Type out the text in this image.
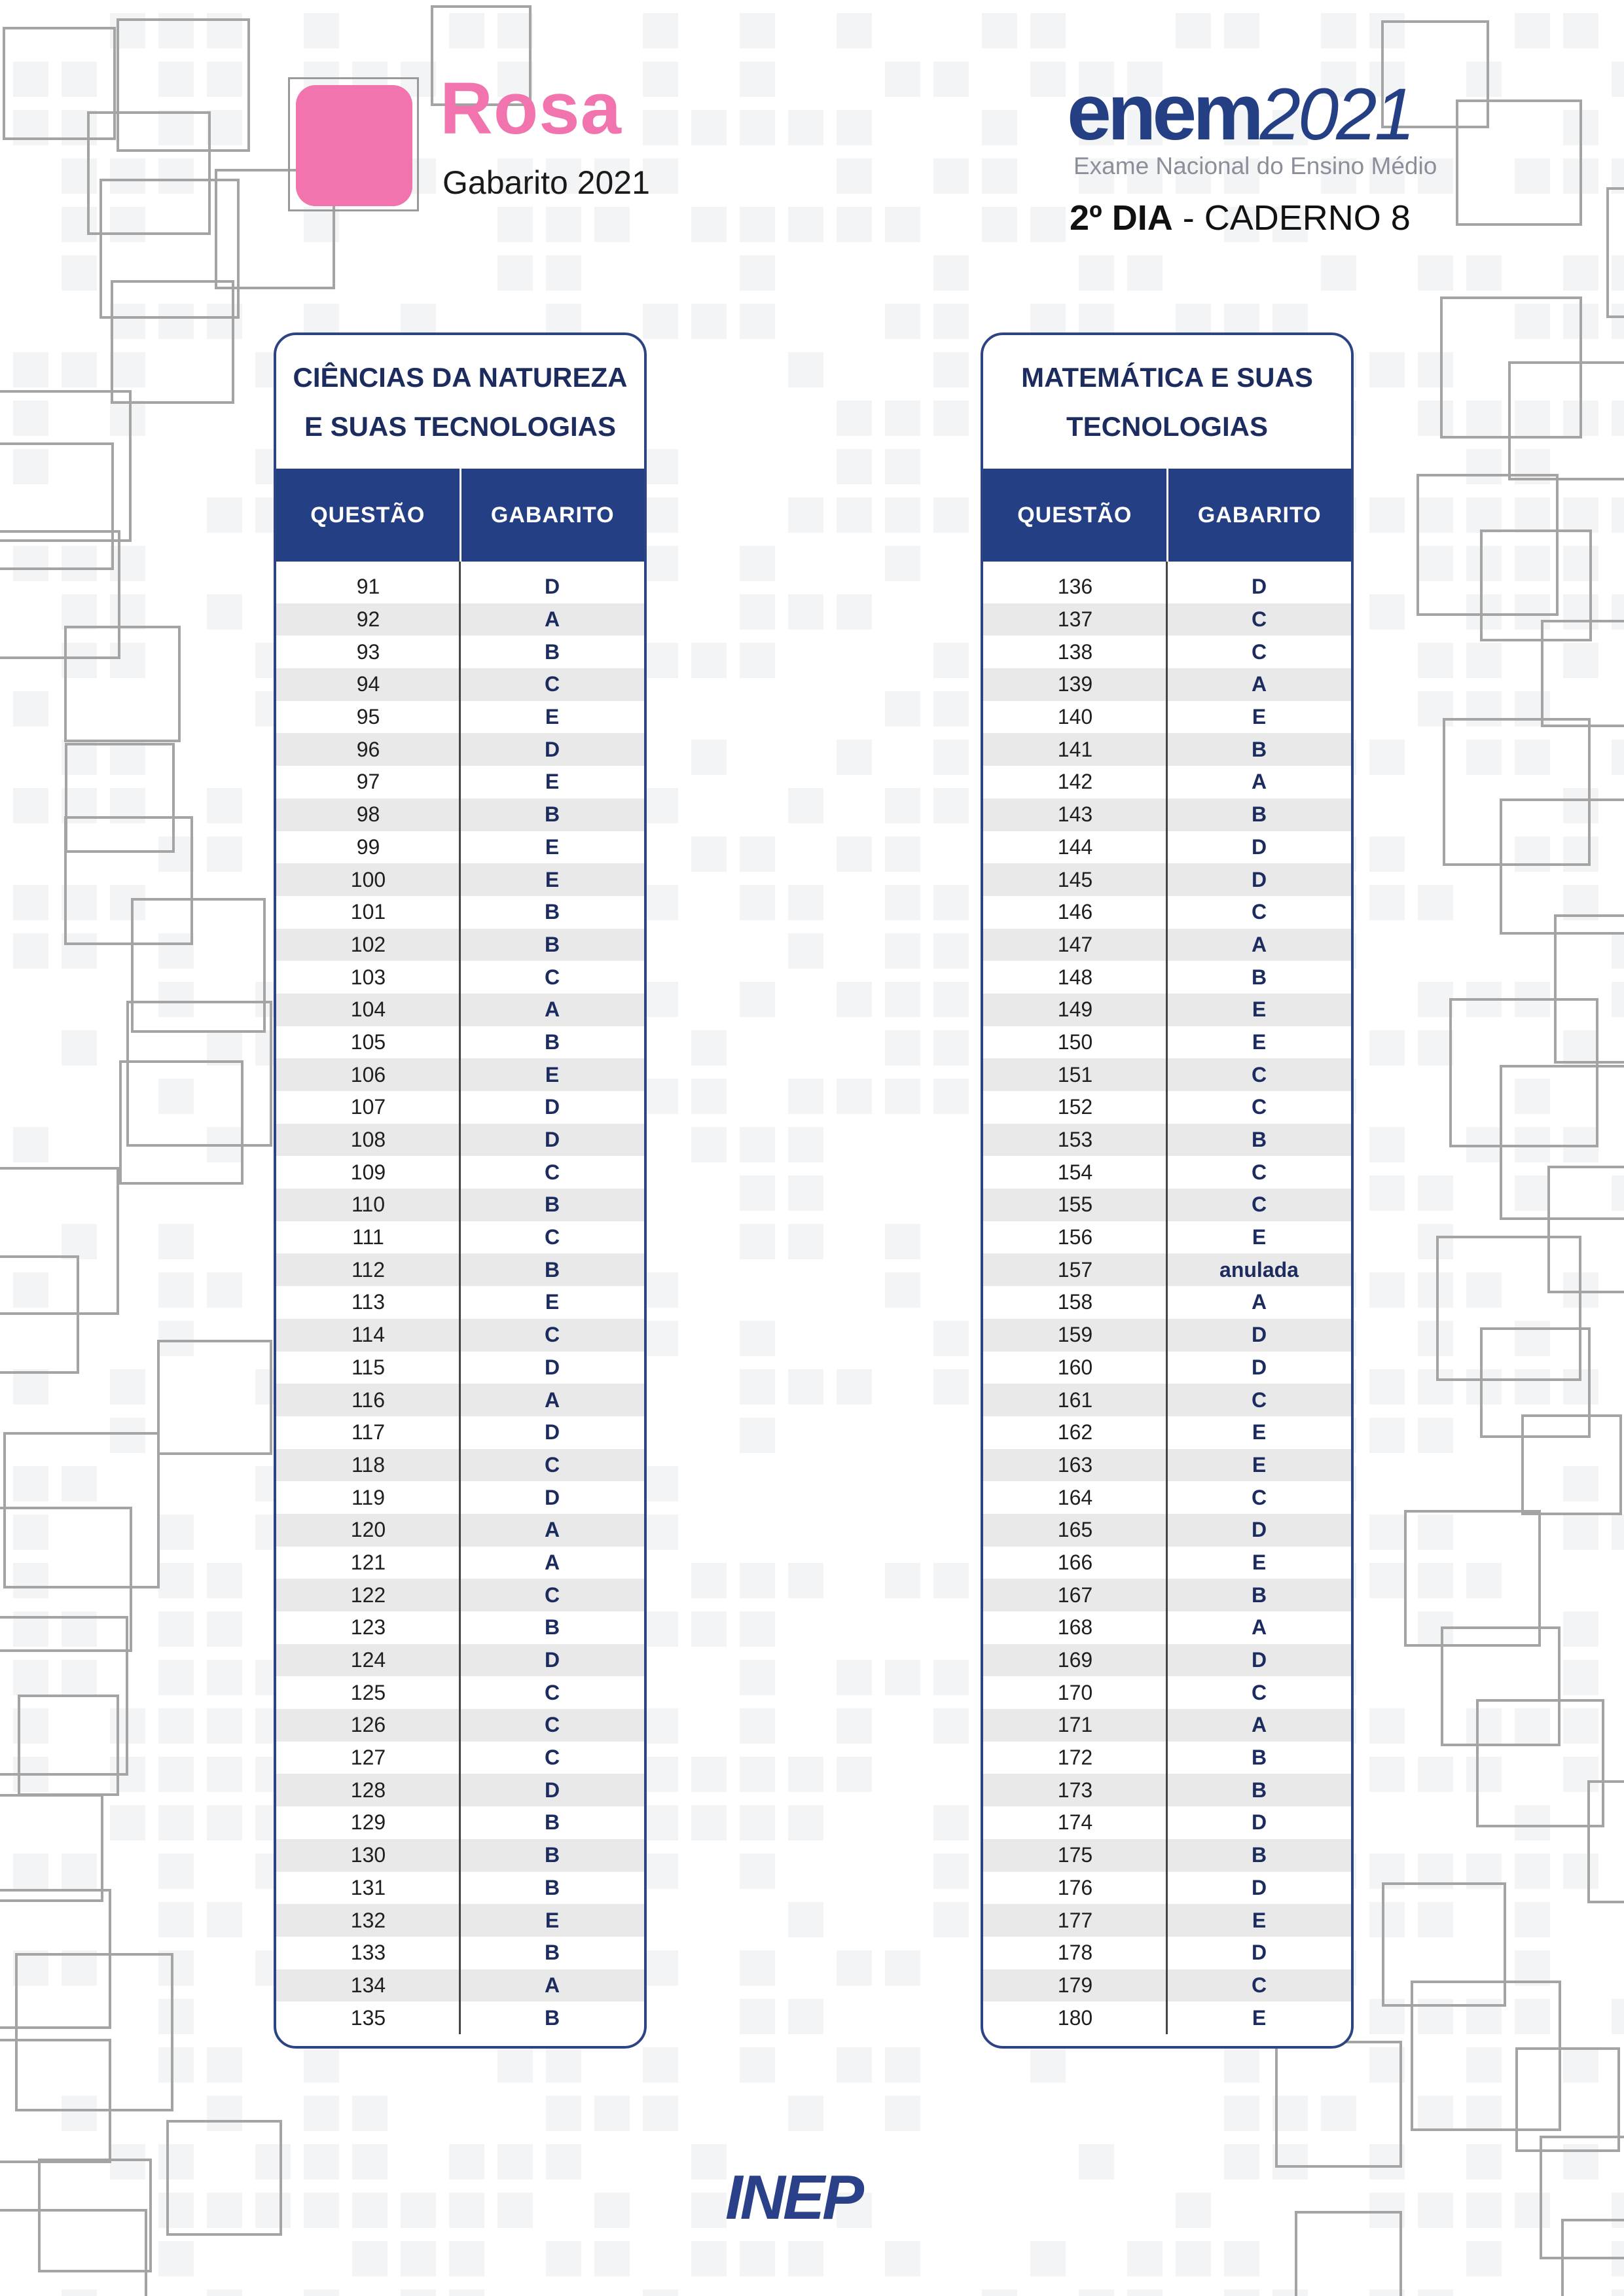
Rosa
Gabarito 2021
enem2021
Exame Nacional do Ensino Médio
2º DIA - CADERNO 8
CIÊNCIAS DA NATUREZA
E SUAS TECNOLOGIAS
QUESTÃO	GABARITO
91	D
92	A
93	B
94	C
95	E
96	D
97	E
98	B
99	E
100	E
101	B
102	B
103	C
104	A
105	B
106	E
107	D
108	D
109	C
110	B
111	C
112	B
113	E
114	C
115	D
116	A
117	D
118	C
119	D
120	A
121	A
122	C
123	B
124	D
125	C
126	C
127	C
128	D
129	B
130	B
131	B
132	E
133	B
134	A
135	B
MATEMÁTICA E SUAS
TECNOLOGIAS
QUESTÃO	GABARITO
136	D
137	C
138	C
139	A
140	E
141	B
142	A
143	B
144	D
145	D
146	C
147	A
148	B
149	E
150	E
151	C
152	C
153	B
154	C
155	C
156	E
157	anulada
158	A
159	D
160	D
161	C
162	E
163	E
164	C
165	D
166	E
167	B
168	A
169	D
170	C
171	A
172	B
173	B
174	D
175	B
176	D
177	E
178	D
179	C
180	E
INEP
